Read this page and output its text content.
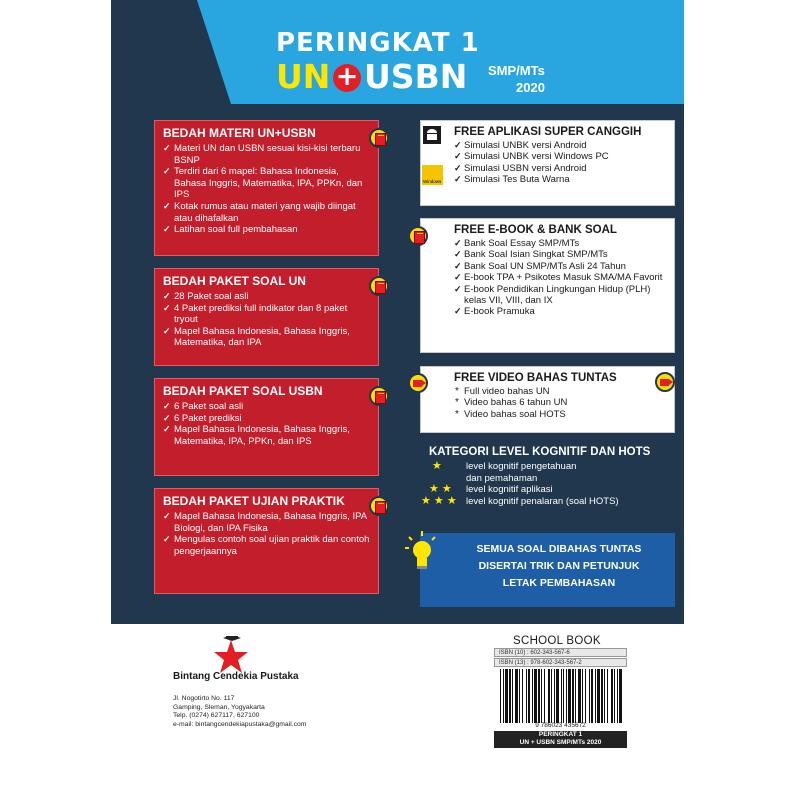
PERINGKAT 1
UN + USBN SMP/MTs
2020
BEDAH MATERI UN+USBN
✓ Materi UN dan USBN sesuai kisi-kisi terbaru BSNP
✓ Terdiri dari 6 mapel: Bahasa Indonesia, Bahasa Inggris, Matematika, IPA, PPKn, dan IPS
✓ Kotak rumus atau materi yang wajib diingat atau dihafalkan
✓ Latihan soal full pembahasan
BEDAH PAKET SOAL UN
✓ 28 Paket soal asli
✓ 4 Paket prediksi full indikator dan 8 paket tryout
✓ Mapel Bahasa Indonesia, Bahasa Inggris, Matematika, dan IPA
BEDAH PAKET SOAL USBN
✓ 6 Paket soal asli
✓ 6 Paket prediksi
✓ Mapel Bahasa Indonesia, Bahasa Inggris, Matematika, IPA, PPKn, dan IPS
BEDAH PAKET UJIAN PRAKTIK
✓ Mapel Bahasa Indonesia, Bahasa Inggris, IPA Biologi, dan IPA Fisika
✓ Mengulas contoh soal ujian praktik dan contoh pengerjaannya
FREE APLIKASI SUPER CANGGIH
✓ Simulasi UNBK versi Android
✓ Simulasi UNBK versi Windows PC
✓ Simulasi USBN versi Android
✓ Simulasi Tes Buta Warna
Windows
FREE E-BOOK & BANK SOAL
✓ Bank Soal Essay SMP/MTs
✓ Bank Soal Isian Singkat SMP/MTs
✓ Bank Soal UN SMP/MTs Asli 24 Tahun
✓ E-book TPA + Psikotes Masuk SMA/MA Favorit
✓ E-book Pendidikan Lingkungan Hidup (PLH) kelas VII, VIII, dan IX
✓ E-book Pramuka
FREE VIDEO BAHAS TUNTAS
* Full video bahas UN
* Video bahas 6 tahun UN
* Video bahas soal HOTS
KATEGORI LEVEL KOGNITIF DAN HOTS
★	level kognitif pengetahuan
dan pemahaman
★ ★	level kognitif aplikasi
★ ★ ★ level kognitif penalaran (soal HOTS)
SEMUA SOAL DIBAHAS TUNTAS
DISERTAI TRIK DAN PETUNJUK
LETAK PEMBAHASAN
Bintang Cendekia Pustaka
Jl. Nogotirto No. 117
Gamping, Sleman, Yogyakarta
Telp. (0274) 627117, 627100
e-mail: bintangcendekiapustaka@gmail.com
SCHOOL BOOK
ISBN (10) : 602-343-567-6
ISBN (13) : 978-602-343-567-2
9 786023 435672
PERINGKAT 1
UN + USBN SMP/MTs 2020
